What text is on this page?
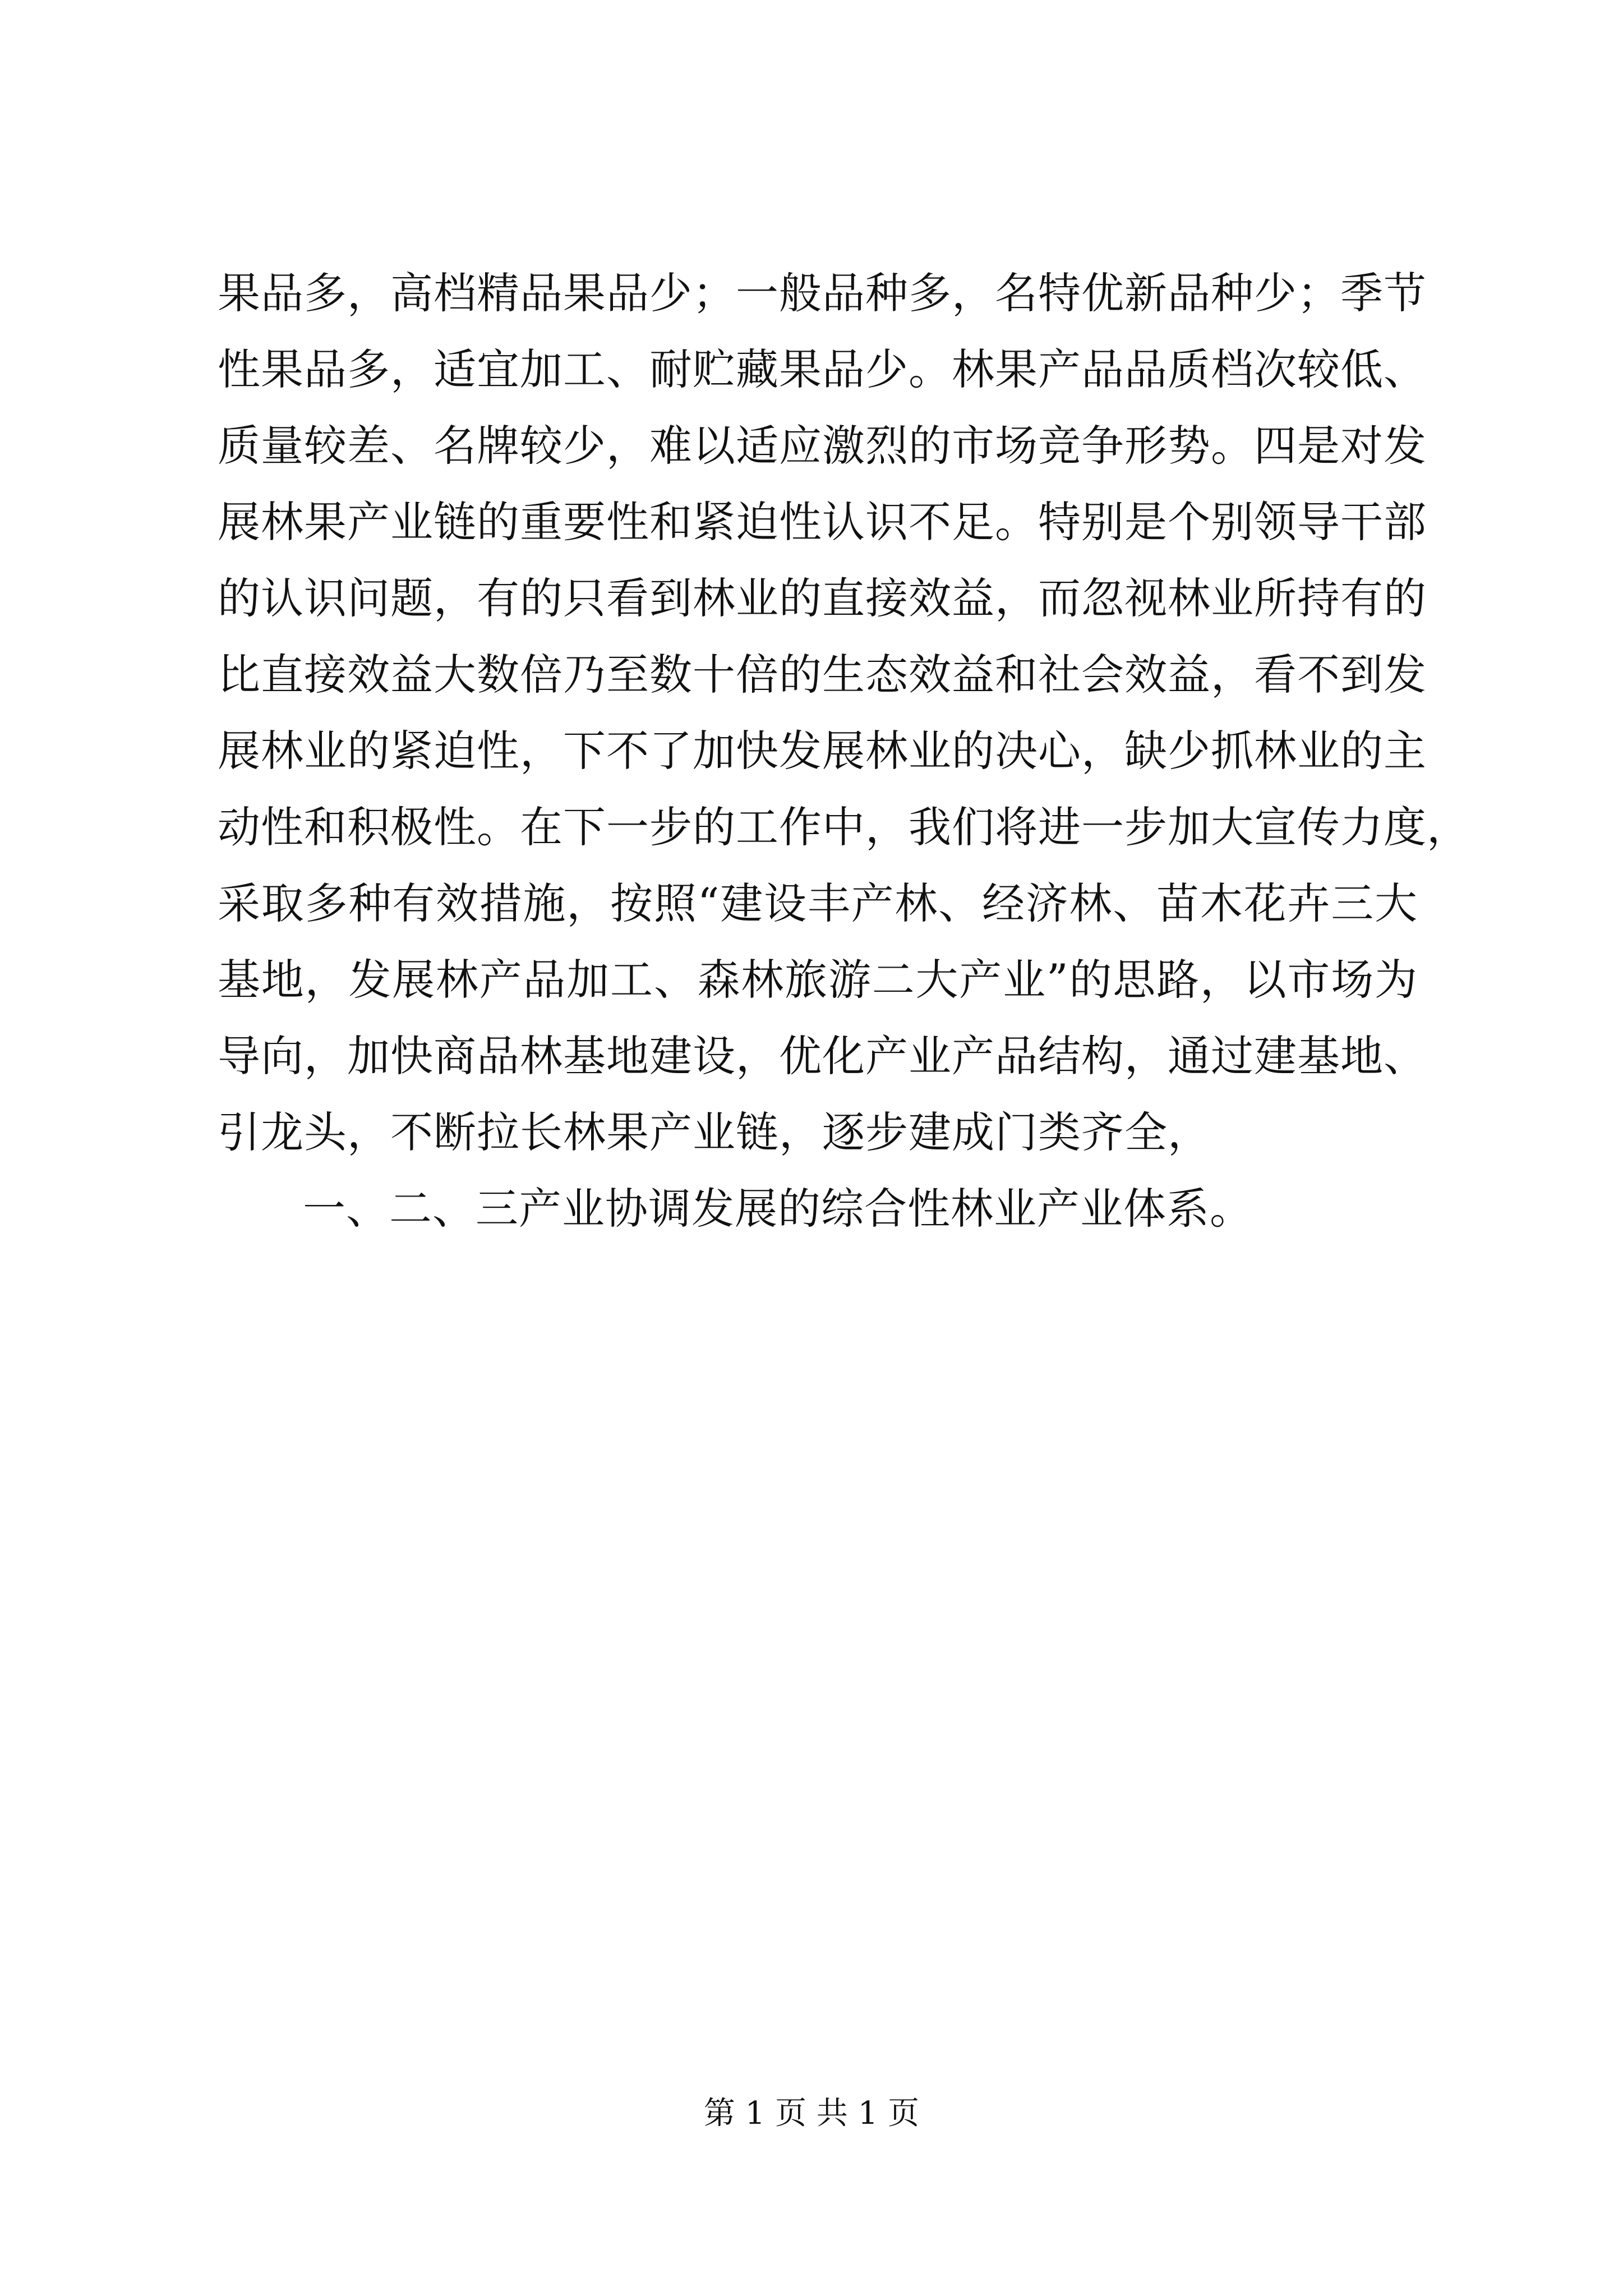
果品多，高档精品果品少；一般品种多，名特优新品种少；季节
性果品多，适宜加工、耐贮藏果品少。林果产品品质档次较低、
质量较差、名牌较少，难以适应激烈的市场竞争形势。四是对发
展林果产业链的重要性和紧迫性认识不足。特别是个别领导干部
的认识问题，有的只看到林业的直接效益，而忽视林业所持有的
比直接效益大数倍乃至数十倍的生态效益和社会效益，看不到发
展林业的紧迫性，下不了加快发展林业的决心，缺少抓林业的主
动性和积极性。在下一步的工作中，我们将进一步加大宣传力度，
采取多种有效措施，按照“建设丰产林、经济林、苗木花卉三大
基地，发展林产品加工、森林旅游二大产业”的思路，以市场为
导向，加快商品林基地建设，优化产业产品结构，通过建基地、
引龙头，不断拉长林果产业链，逐步建成门类齐全，
一、二、三产业协调发展的综合性林业产业体系。
第 1 页 共 1 页
